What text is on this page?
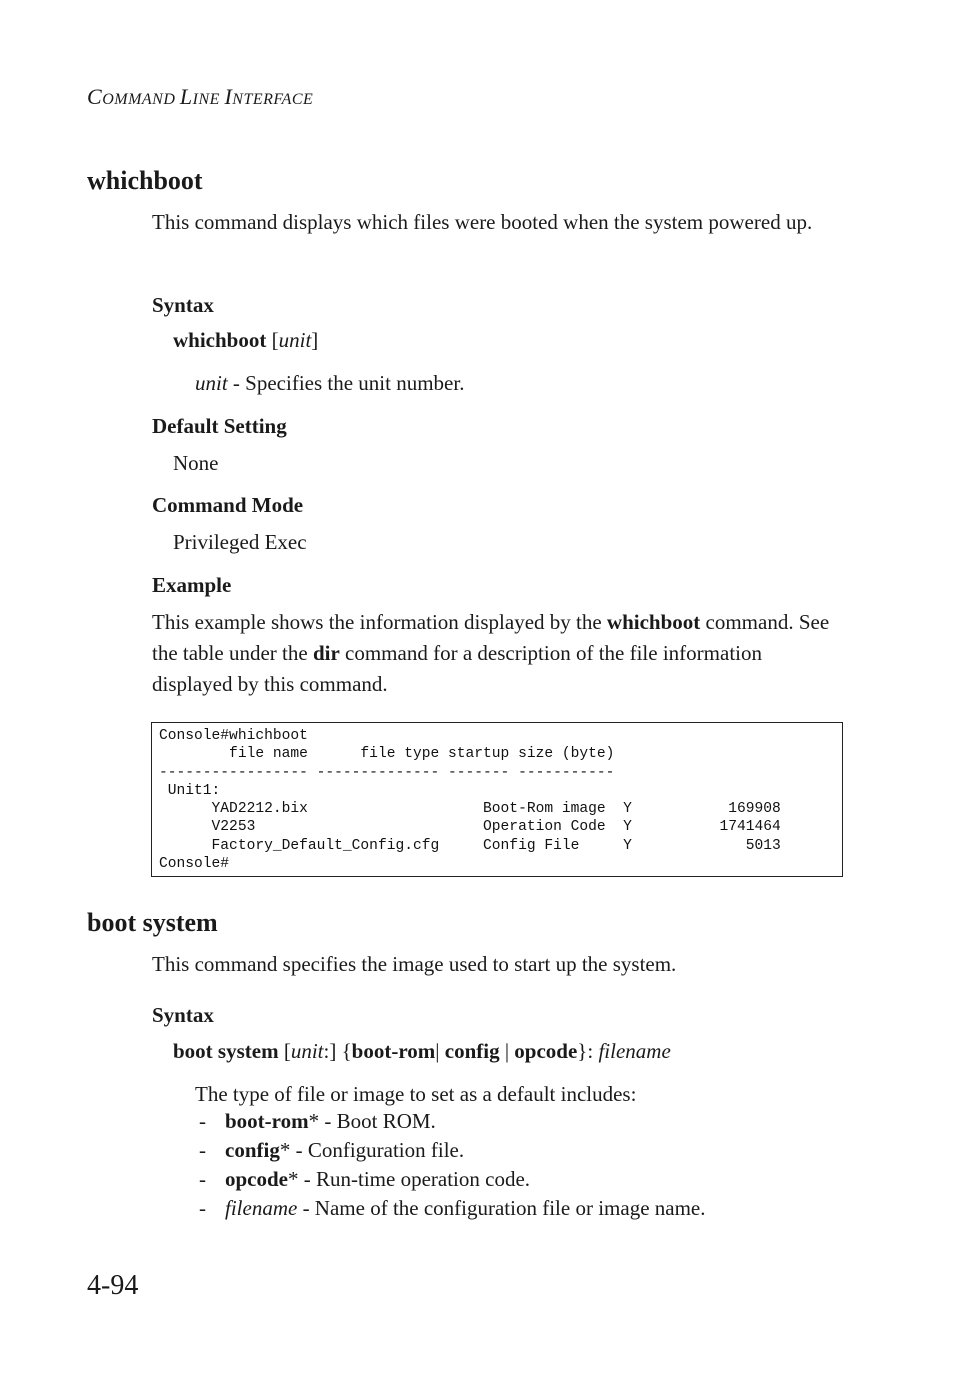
COMMAND LINE INTERFACE
whichboot
This command displays which files were booted when the system powered up.
Syntax
whichboot [unit]
unit - Specifies the unit number.
Default Setting
None
Command Mode
Privileged Exec
Example
This example shows the information displayed by the whichboot command. See the table under the dir command for a description of the file information displayed by this command.
Console#whichboot
file name      file type startup size (byte)
----------------- -------------- ------- -----------
Unit1:
YAD2212.bix                    Boot-Rom image  Y           169908
V2253                          Operation Code  Y          1741464
Factory_Default_Config.cfg     Config File     Y             5013
Console#
boot system
This command specifies the image used to start up the system.
Syntax
boot system [unit:] {boot-rom| config | opcode}: filename
The type of file or image to set as a default includes:
- boot-rom* - Boot ROM.
- config* - Configuration file.
- opcode* - Run-time operation code.
- filename - Name of the configuration file or image name.
4-94
